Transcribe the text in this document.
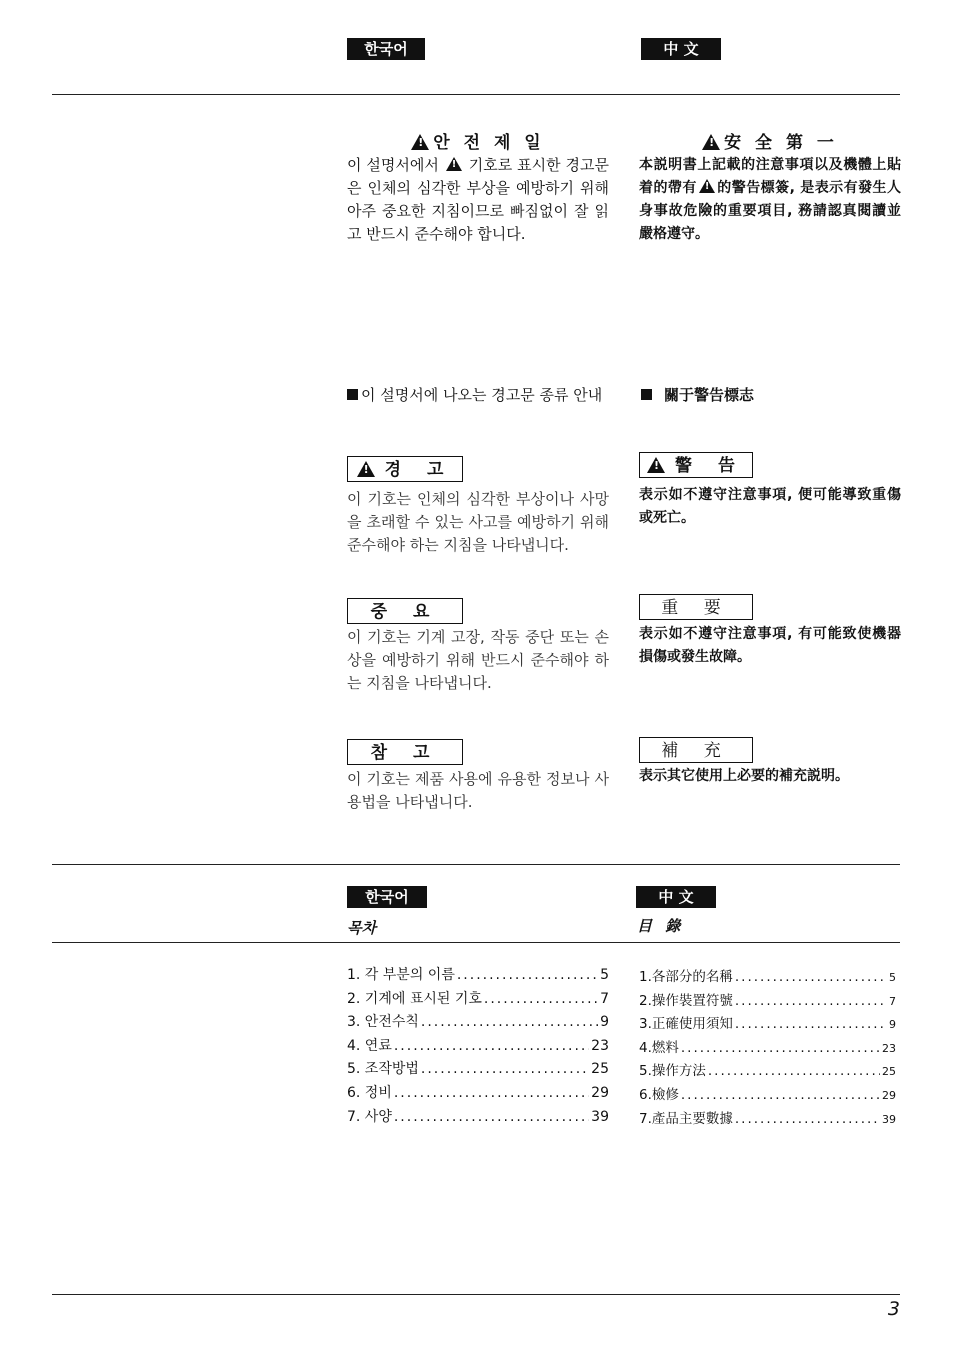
한국어	中 文
!안 전 제 일
이 설명서에서 ! 기호로 표시한 경고문은 인체의 심각한 부상을 예방하기 위해 아주 중요한 지침이므로 빠짐없이 잘 읽고 반드시 준수해야 합니다.
!安 全 第 一
本説明書上記載的注意事項以及機體上貼着的帶有 ! 的警告標簽, 是表示有發生人身事故危險的重要項目, 務請認真閱讀並嚴格遵守。
이 설명서에 나오는 경고문 종류 안내	關于警告標志
!경 고
이 기호는 인체의 심각한 부상이나 사망을 초래할 수 있는 사고를 예방하기 위해 준수해야 하는 지침을 나타냅니다.
!警 告
表示如不遵守注意事項, 便可能導致重傷或死亡。
중 요
이 기호는 기계 고장, 작동 중단 또는 손상을 예방하기 위해 반드시 준수해야 하는 지침을 나타냅니다.
重 要
表示如不遵守注意事項, 有可能致使機器損傷或發生故障。
참 고
이 기호는 제품 사용에 유용한 정보나 사용법을 나타냅니다.
補 充
表示其它使用上必要的補充説明。
한국어	中 文
목차	目 錄
1. 각 부분의 이름 .....	5
2. 기계에 표시된 기호 .....	7
3. 안전수칙 .....	9
4. 연료 .....	23
5. 조작방법 .....	25
6. 정비 .....	29
7. 사양 .....	39
1.各部分的名稱 .....	5
2.操作裝置符號 .....	7
3.正確使用須知 .....	9
4.燃料 .....	23
5.操作方法 .....	25
6.檢修 .....	29
7.產品主要數據 .....	39
3
